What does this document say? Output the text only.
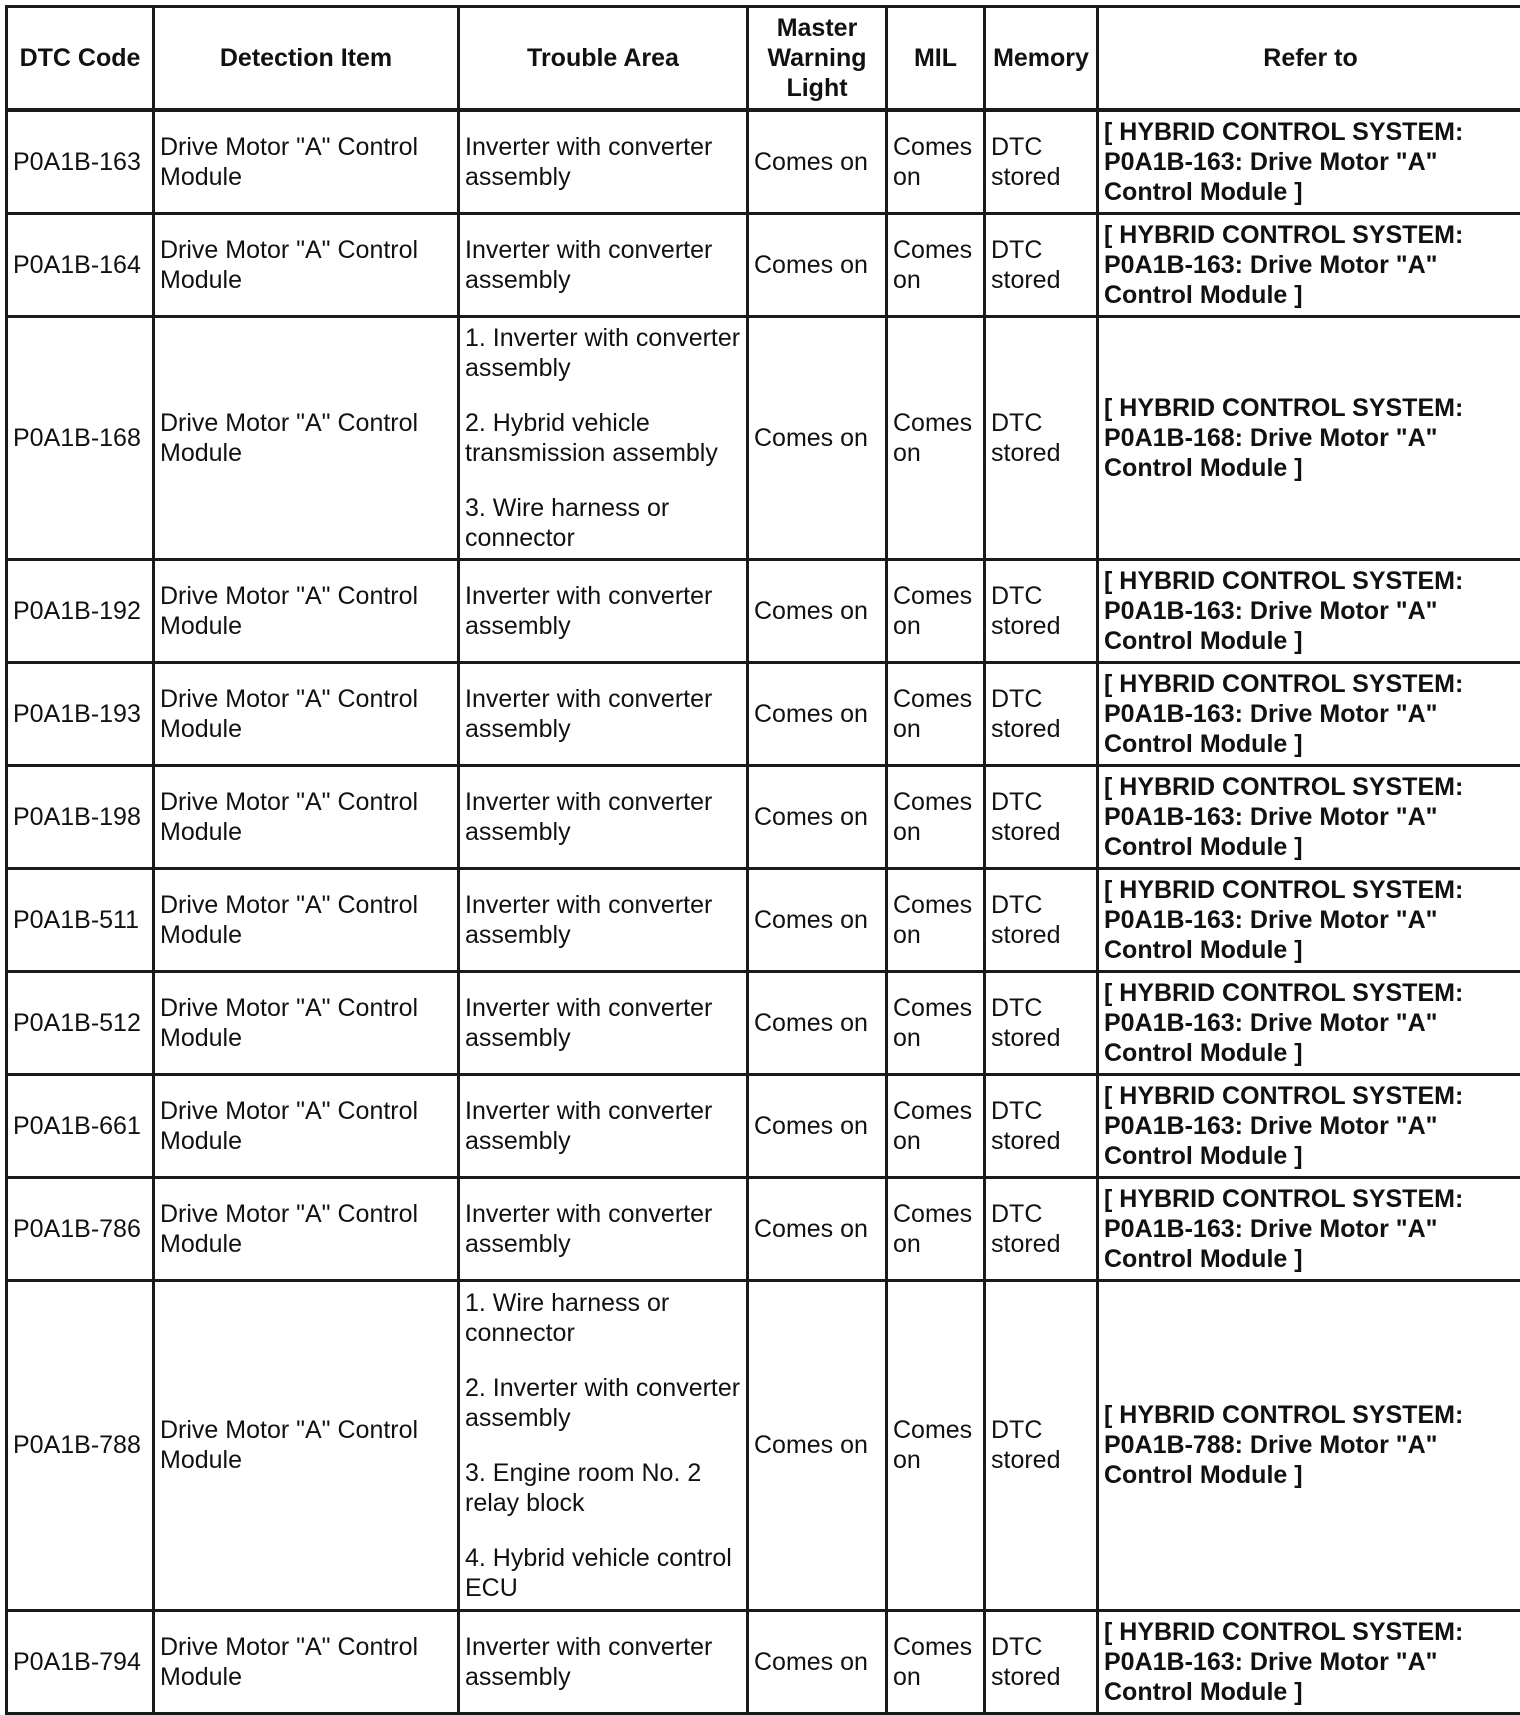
DTC Code	Detection Item	Trouble Area	Master Warning Light	MIL	Memory	Refer to
P0A1B-163	Drive Motor "A" Control Module	Inverter with converter assembly	Comes on	Comes on	DTC stored	[ HYBRID CONTROL SYSTEM: P0A1B-163: Drive Motor "A" Control Module ]
P0A1B-164	Drive Motor "A" Control Module	Inverter with converter assembly	Comes on	Comes on	DTC stored	[ HYBRID CONTROL SYSTEM: P0A1B-163: Drive Motor "A" Control Module ]
P0A1B-168	Drive Motor "A" Control Module	1. Inverter with converter assembly

2. Hybrid vehicle transmission assembly

3. Wire harness or connector	Comes on	Comes on	DTC stored	[ HYBRID CONTROL SYSTEM: P0A1B-168: Drive Motor "A" Control Module ]
P0A1B-192	Drive Motor "A" Control Module	Inverter with converter assembly	Comes on	Comes on	DTC stored	[ HYBRID CONTROL SYSTEM: P0A1B-163: Drive Motor "A" Control Module ]
P0A1B-193	Drive Motor "A" Control Module	Inverter with converter assembly	Comes on	Comes on	DTC stored	[ HYBRID CONTROL SYSTEM: P0A1B-163: Drive Motor "A" Control Module ]
P0A1B-198	Drive Motor "A" Control Module	Inverter with converter assembly	Comes on	Comes on	DTC stored	[ HYBRID CONTROL SYSTEM: P0A1B-163: Drive Motor "A" Control Module ]
P0A1B-511	Drive Motor "A" Control Module	Inverter with converter assembly	Comes on	Comes on	DTC stored	[ HYBRID CONTROL SYSTEM: P0A1B-163: Drive Motor "A" Control Module ]
P0A1B-512	Drive Motor "A" Control Module	Inverter with converter assembly	Comes on	Comes on	DTC stored	[ HYBRID CONTROL SYSTEM: P0A1B-163: Drive Motor "A" Control Module ]
P0A1B-661	Drive Motor "A" Control Module	Inverter with converter assembly	Comes on	Comes on	DTC stored	[ HYBRID CONTROL SYSTEM: P0A1B-163: Drive Motor "A" Control Module ]
P0A1B-786	Drive Motor "A" Control Module	Inverter with converter assembly	Comes on	Comes on	DTC stored	[ HYBRID CONTROL SYSTEM: P0A1B-163: Drive Motor "A" Control Module ]
P0A1B-788	Drive Motor "A" Control Module	1. Wire harness or connector

2. Inverter with converter assembly

3. Engine room No. 2 relay block

4. Hybrid vehicle control ECU	Comes on	Comes on	DTC stored	[ HYBRID CONTROL SYSTEM: P0A1B-788: Drive Motor "A" Control Module ]
P0A1B-794	Drive Motor "A" Control Module	Inverter with converter assembly	Comes on	Comes on	DTC stored	[ HYBRID CONTROL SYSTEM: P0A1B-163: Drive Motor "A" Control Module ]
